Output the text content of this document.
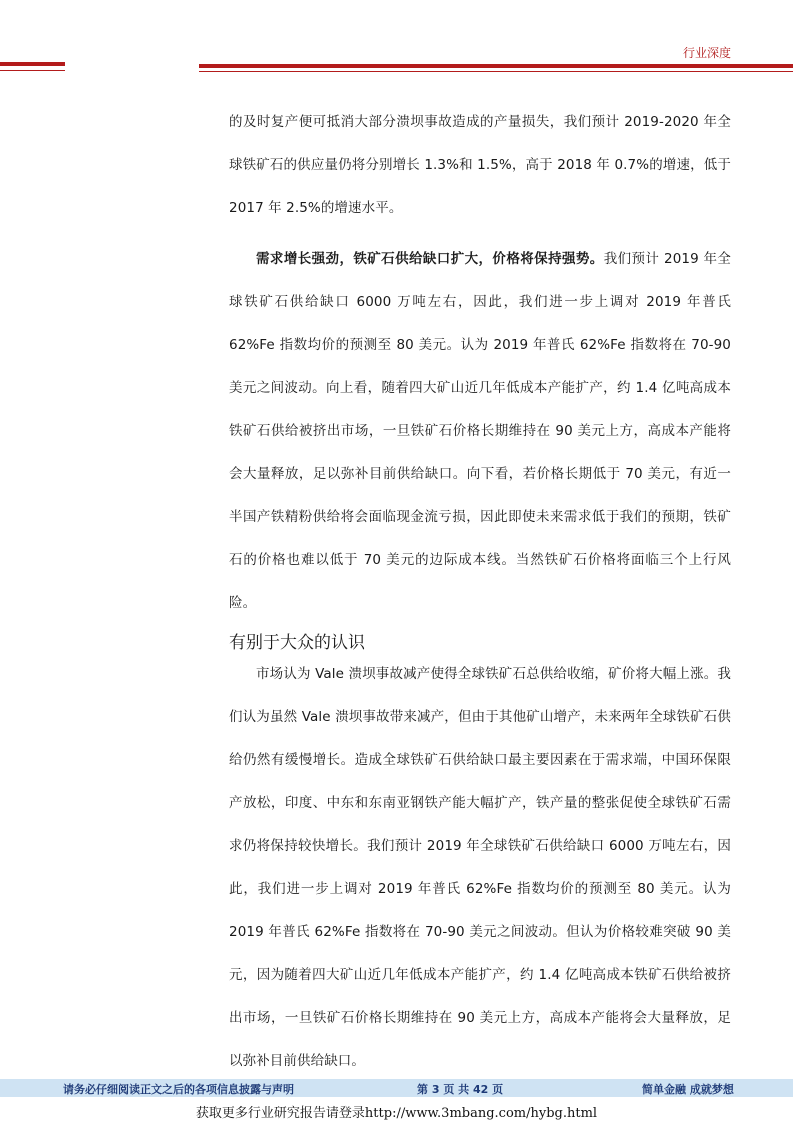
行业深度

的及时复产便可抵消大部分溃坝事故造成的产量损失，我们预计 2019-2020 年全球铁矿石的供应量仍将分别增长 1.3%和 1.5%，高于 2018 年 0.7%的增速，低于 2017 年 2.5%的增速水平。

需求增长强劲，铁矿石供给缺口扩大，价格将保持强势。我们预计 2019 年全球铁矿石供给缺口 6000 万吨左右，因此，我们进一步上调对 2019 年普氏 62%Fe 指数均价的预测至 80 美元。认为 2019 年普氏 62%Fe 指数将在 70-90 美元之间波动。向上看，随着四大矿山近几年低成本产能扩产，约 1.4 亿吨高成本铁矿石供给被挤出市场，一旦铁矿石价格长期维持在 90 美元上方，高成本产能将会大量释放，足以弥补目前供给缺口。向下看，若价格长期低于 70 美元，有近一半国产铁精粉供给将会面临现金流亏损，因此即使未来需求低于我们的预期，铁矿石的价格也难以低于 70 美元的边际成本线。当然铁矿石价格将面临三个上行风险。

有别于大众的认识

市场认为 Vale 溃坝事故减产使得全球铁矿石总供给收缩，矿价将大幅上涨。我们认为虽然 Vale 溃坝事故带来减产，但由于其他矿山增产，未来两年全球铁矿石供给仍然有缓慢增长。造成全球铁矿石供给缺口最主要因素在于需求端，中国环保限产放松，印度、中东和东南亚钢铁产能大幅扩产，铁产量的整张促使全球铁矿石需求仍将保持较快增长。我们预计 2019 年全球铁矿石供给缺口 6000 万吨左右，因此，我们进一步上调对 2019 年普氏 62%Fe 指数均价的预测至 80 美元。认为 2019 年普氏 62%Fe 指数将在 70-90 美元之间波动。但认为价格较难突破 90 美元，因为随着四大矿山近几年低成本产能扩产，约 1.4 亿吨高成本铁矿石供给被挤出市场，一旦铁矿石价格长期维持在 90 美元上方，高成本产能将会大量释放，足以弥补目前供给缺口。

请务必仔细阅读正文之后的各项信息披露与声明	第 3 页 共 42 页	简单金融 成就梦想
获取更多行业研究报告请登录http://www.3mbang.com/hybg.html
